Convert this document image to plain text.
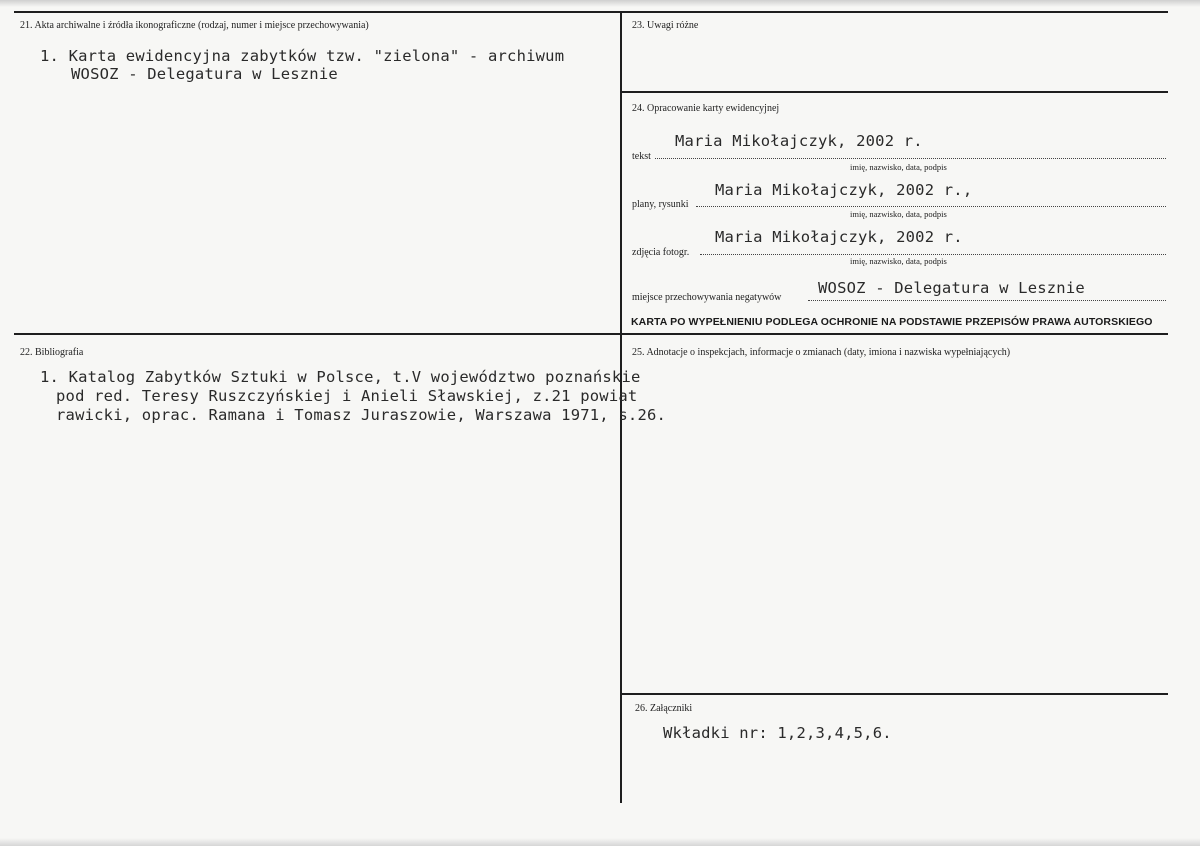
21. Akta archiwalne i źródła ikonograficzne (rodzaj, numer i miejsce przechowywania)
1. Karta ewidencyjna zabytków tzw. "zielona" - archiwum
WOSOZ - Delegatura w Lesznie
23. Uwagi różne
24. Opracowanie karty ewidencyjnej
Maria Mikołajczyk, 2002 r.
tekst
imię, nazwisko, data, podpis
Maria Mikołajczyk, 2002 r.,
plany, rysunki
imię, nazwisko, data, podpis
Maria Mikołajczyk, 2002 r.
zdjęcia fotogr.
imię, nazwisko, data, podpis
WOSOZ - Delegatura w Lesznie
miejsce przechowywania negatywów
KARTA PO WYPEŁNIENIU PODLEGA OCHRONIE NA PODSTAWIE PRZEPISÓW PRAWA AUTORSKIEGO
22. Bibliografia
1. Katalog Zabytków Sztuki w Polsce, t.V województwo poznańskie
pod red. Teresy Ruszczyńskiej i Anieli Sławskiej, z.21 powiat
rawicki, oprac. Ramana i Tomasz Juraszowie, Warszawa 1971, s.26.
25. Adnotacje o inspekcjach, informacje o zmianach (daty, imiona i nazwiska wypełniających)
26. Załączniki
Wkładki nr: 1,2,3,4,5,6.
